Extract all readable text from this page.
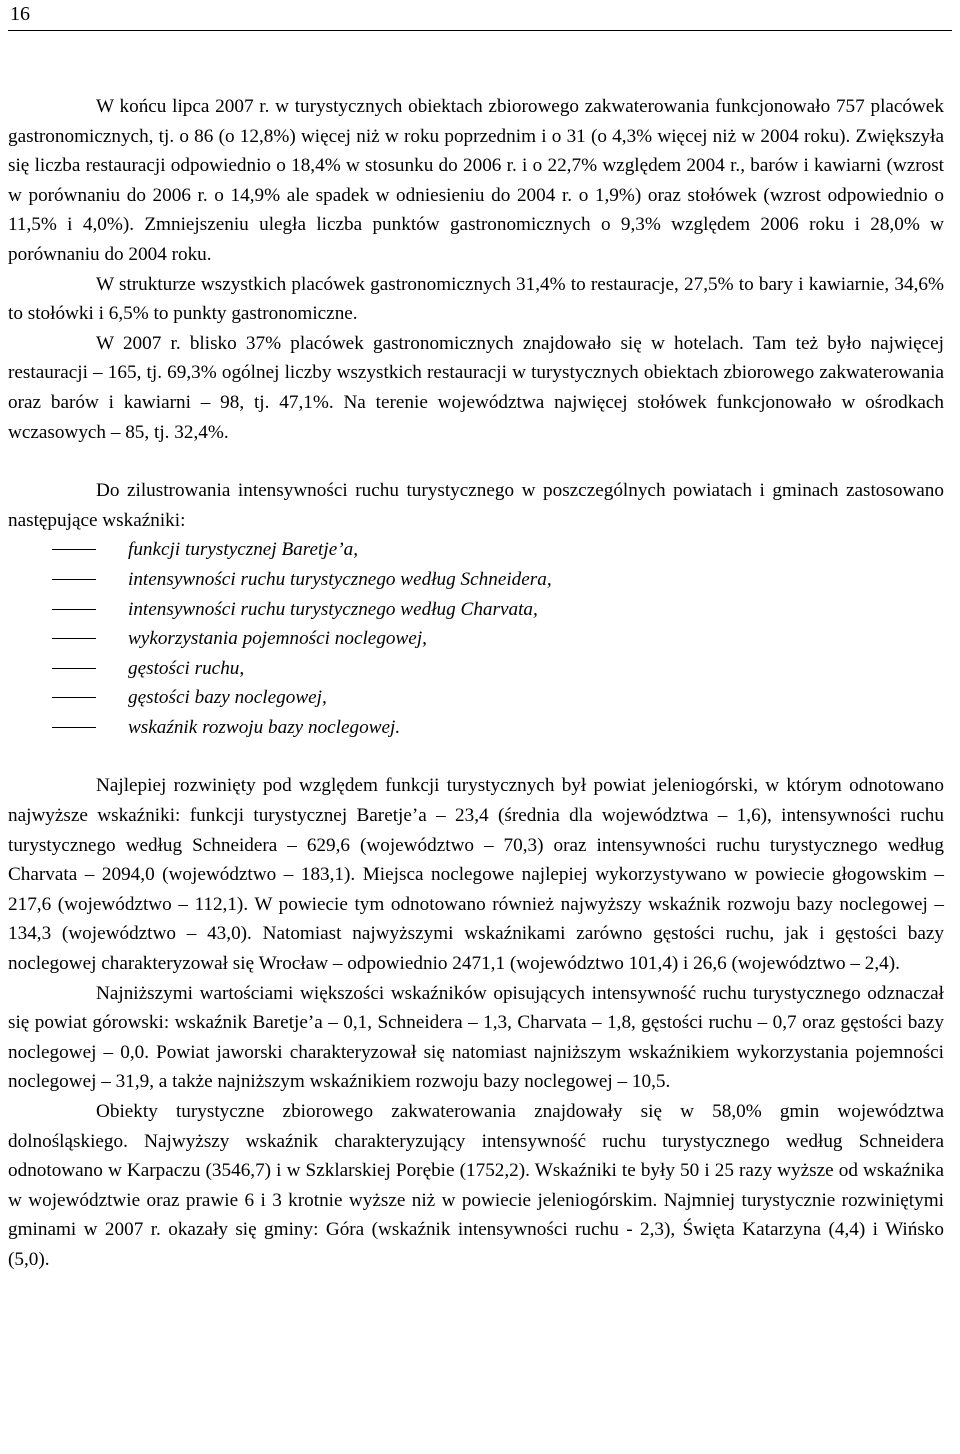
16

W końcu lipca 2007 r. w turystycznych obiektach zbiorowego zakwaterowania funkcjonowało 757 placówek gastronomicznych, tj. o 86 (o 12,8%) więcej niż w roku poprzednim i o 31 (o 4,3% więcej niż w 2004 roku). Zwiększyła się liczba restauracji odpowiednio o 18,4% w stosunku do 2006 r. i o 22,7% względem 2004 r., barów i kawiarni (wzrost w porównaniu do 2006 r. o 14,9% ale spadek w odniesieniu do 2004 r. o 1,9%) oraz stołówek (wzrost odpowiednio o 11,5% i 4,0%). Zmniejszeniu uległa liczba punktów gastronomicznych o 9,3% względem 2006 roku i 28,0% w porównaniu do 2004 roku.

W strukturze wszystkich placówek gastronomicznych 31,4% to restauracje, 27,5% to bary i kawiarnie, 34,6% to stołówki i 6,5% to punkty gastronomiczne.

W 2007 r. blisko 37% placówek gastronomicznych znajdowało się w hotelach. Tam też było najwięcej restauracji – 165, tj. 69,3% ogólnej liczby wszystkich restauracji w turystycznych obiektach zbiorowego zakwaterowania oraz barów i kawiarni – 98, tj. 47,1%. Na terenie województwa najwięcej stołówek funkcjonowało w ośrodkach wczasowych – 85, tj. 32,4%.

Do zilustrowania intensywności ruchu turystycznego w poszczególnych powiatach i gminach zastosowano następujące wskaźniki:

funkcji turystycznej Baretje’a,
intensywności ruchu turystycznego według Schneidera,
intensywności ruchu turystycznego według Charvata,
wykorzystania pojemności noclegowej,
gęstości ruchu,
gęstości bazy noclegowej,
wskaźnik rozwoju bazy noclegowej.

Najlepiej rozwinięty pod względem funkcji turystycznych był powiat jeleniogórski, w którym odnotowano najwyższe wskaźniki: funkcji turystycznej Baretje’a – 23,4 (średnia dla województwa – 1,6), intensywności ruchu turystycznego według Schneidera – 629,6 (województwo – 70,3) oraz intensywności ruchu turystycznego według Charvata – 2094,0 (województwo – 183,1). Miejsca noclegowe najlepiej wykorzystywano w powiecie głogowskim – 217,6 (województwo – 112,1). W powiecie tym odnotowano również najwyższy wskaźnik rozwoju bazy noclegowej – 134,3 (województwo – 43,0). Natomiast najwyższymi wskaźnikami zarówno gęstości ruchu, jak i gęstości bazy noclegowej charakteryzował się Wrocław – odpowiednio 2471,1 (województwo 101,4) i 26,6 (województwo – 2,4).

Najniższymi wartościami większości wskaźników opisujących intensywność ruchu turystycznego odznaczał się powiat górowski: wskaźnik Baretje’a – 0,1, Schneidera – 1,3, Charvata – 1,8, gęstości ruchu – 0,7 oraz gęstości bazy noclegowej – 0,0. Powiat jaworski charakteryzował się natomiast najniższym wskaźnikiem wykorzystania pojemności noclegowej – 31,9, a także najniższym wskaźnikiem rozwoju bazy noclegowej – 10,5.

Obiekty turystyczne zbiorowego zakwaterowania znajdowały się w 58,0% gmin województwa dolnośląskiego. Najwyższy wskaźnik charakteryzujący intensywność ruchu turystycznego według Schneidera odnotowano w Karpaczu (3546,7) i w Szklarskiej Porębie (1752,2). Wskaźniki te były 50 i 25 razy wyższe od wskaźnika w województwie oraz prawie 6 i 3 krotnie wyższe niż w powiecie jeleniogórskim. Najmniej turystycznie rozwiniętymi gminami w 2007 r. okazały się gminy: Góra (wskaźnik intensywności ruchu - 2,3), Święta Katarzyna (4,4) i Wińsko (5,0).
